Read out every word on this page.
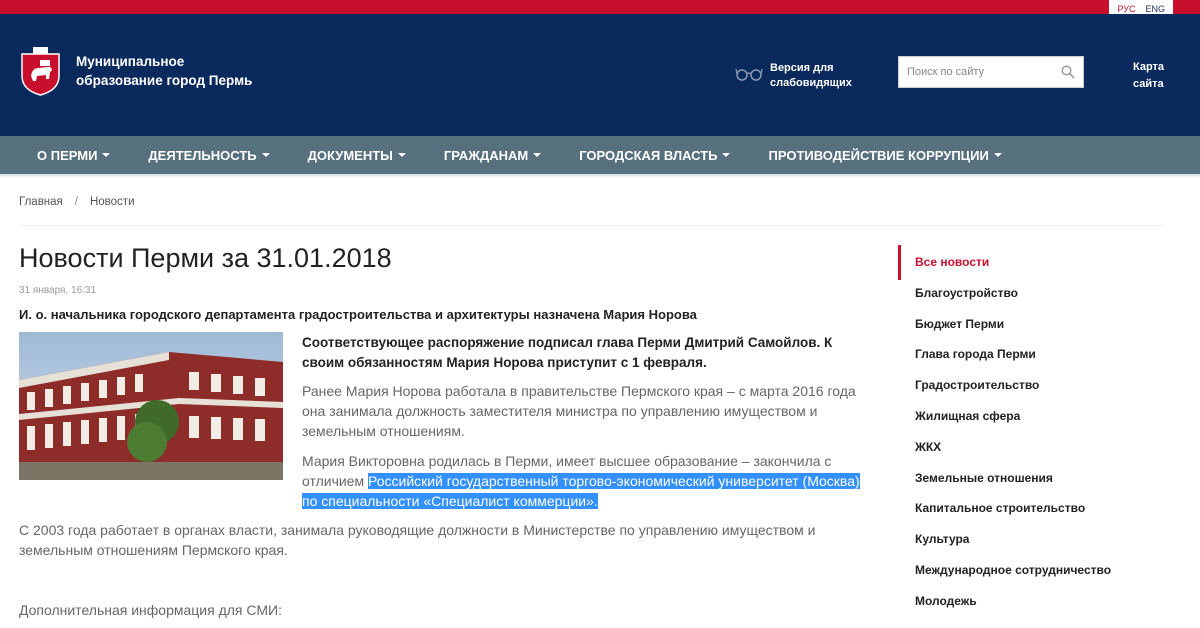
РУС ENG
Муниципальное
образование город Пермь
Версия для
слабовидящих
Поиск по сайту	Карта
сайта
О ПЕРМИ	ДЕЯТЕЛЬНОСТЬ	ДОКУМЕНТЫ	ГРАЖДАНАМ	ГОРОДСКАЯ ВЛАСТЬ	ПРОТИВОДЕЙСТВИЕ КОРРУПЦИИ
Главная / Новости
Новости Перми за 31.01.2018
31 января, 16:31
И. о. начальника городского департамента градостроительства и архитектуры назначена Мария Норова
Соответствующее распоряжение подписал глава Перми Дмитрий Самойлов. К своим обязанностям Мария Норова приступит с 1 февраля.
Ранее Мария Норова работала в правительстве Пермского края – с марта 2016 года она занимала должность заместителя министра по управлению имуществом и земельным отношениям.
Мария Викторовна родилась в Перми, имеет высшее образование – закончила с отличием Российский государственный торгово-экономический университет (Москва) по специальности «Специалист коммерции».
С 2003 года работает в органах власти, занимала руководящие должности в Министерстве по управлению имуществом и земельным отношениям Пермского края.
Дополнительная информация для СМИ:
Все новости
Благоустройство
Бюджет Перми
Глава города Перми
Градостроительство
Жилищная сфера
ЖКХ
Земельные отношения
Капитальное строительство
Культура
Международное сотрудничество
Молодежь
